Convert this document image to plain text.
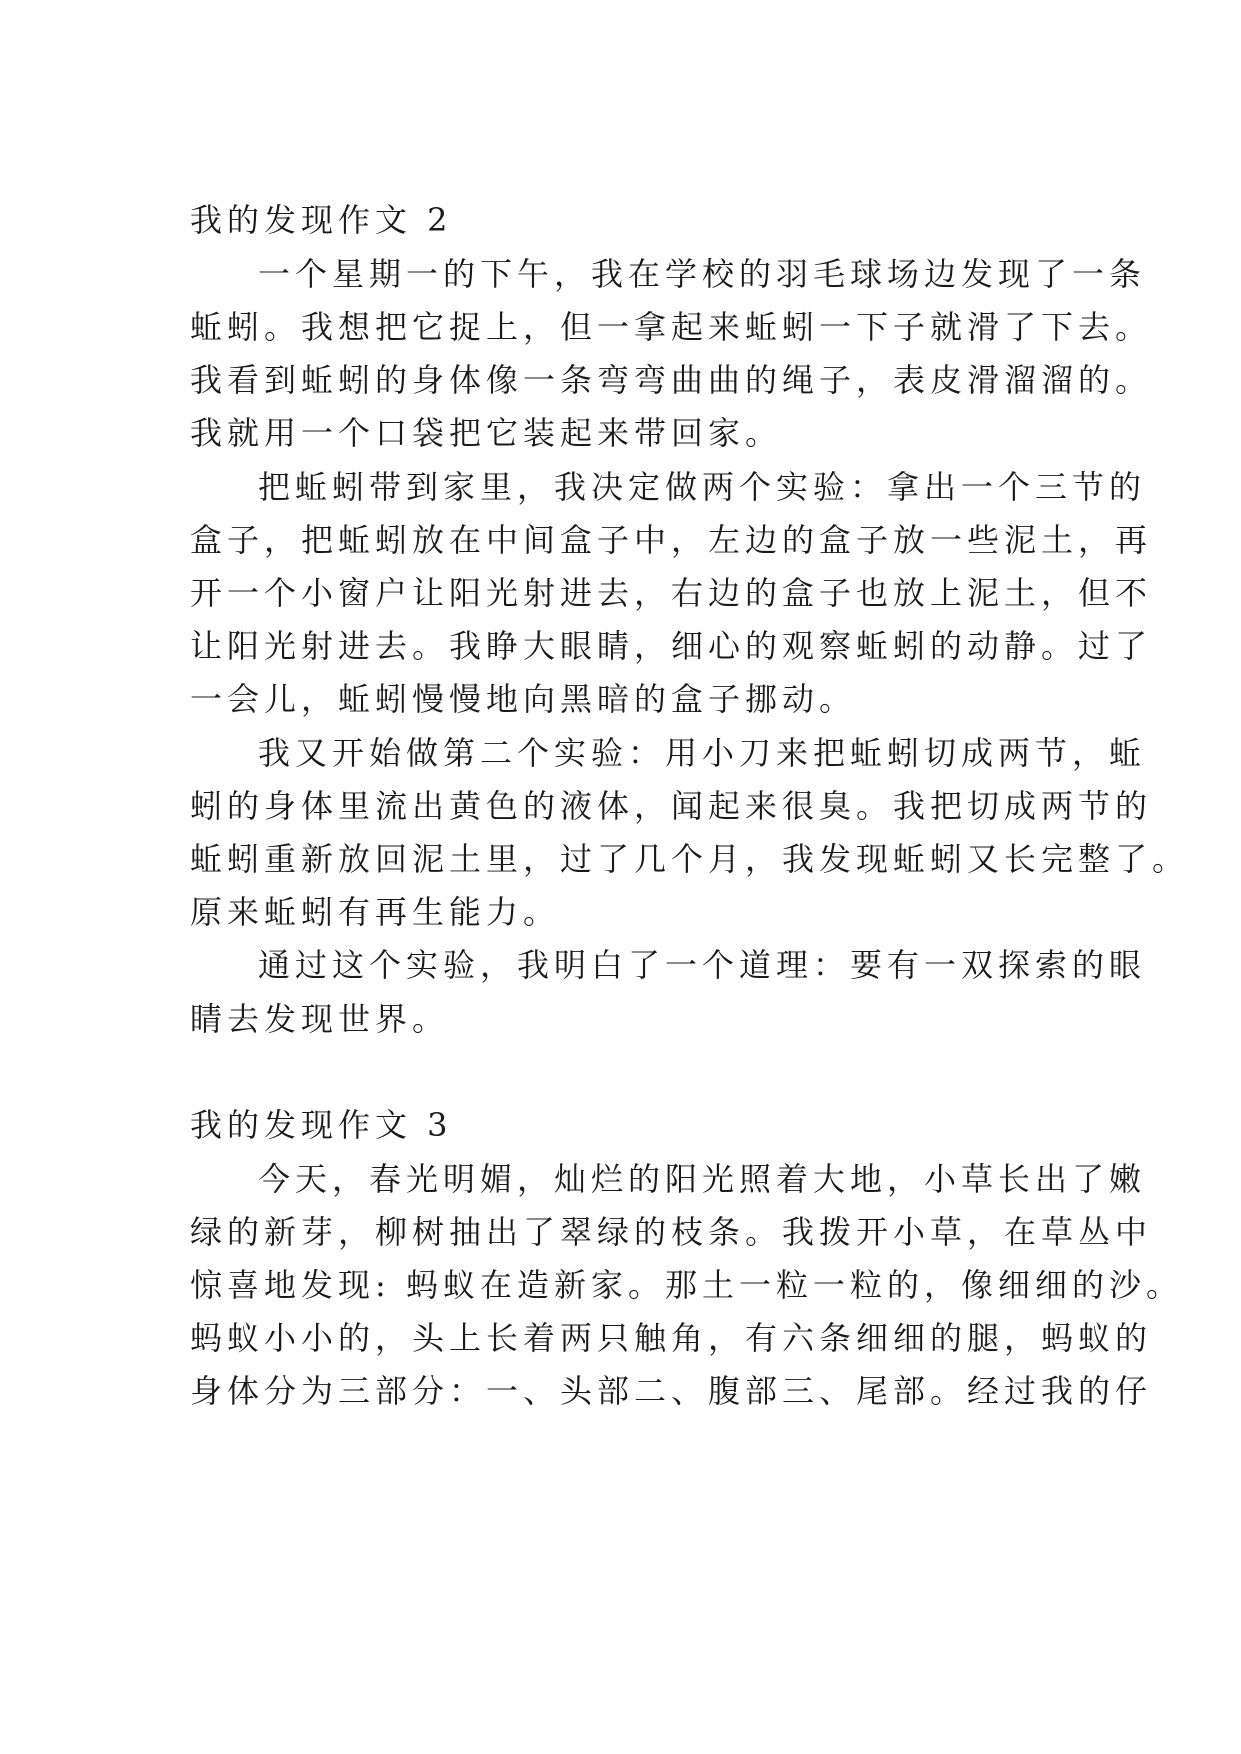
我的发现作文 2
一个星期一的下午，我在学校的羽毛球场边发现了一条
蚯蚓。我想把它捉上，但一拿起来蚯蚓一下子就滑了下去。
我看到蚯蚓的身体像一条弯弯曲曲的绳子，表皮滑溜溜的。
我就用一个口袋把它装起来带回家。
把蚯蚓带到家里，我决定做两个实验：拿出一个三节的
盒子，把蚯蚓放在中间盒子中，左边的盒子放一些泥土，再
开一个小窗户让阳光射进去，右边的盒子也放上泥土，但不
让阳光射进去。我睁大眼睛，细心的观察蚯蚓的动静。过了
一会儿，蚯蚓慢慢地向黑暗的盒子挪动。
我又开始做第二个实验：用小刀来把蚯蚓切成两节，蚯
蚓的身体里流出黄色的液体，闻起来很臭。我把切成两节的
蚯蚓重新放回泥土里，过了几个月，我发现蚯蚓又长完整了。
原来蚯蚓有再生能力。
通过这个实验，我明白了一个道理：要有一双探索的眼
睛去发现世界。
我的发现作文 3
今天，春光明媚，灿烂的阳光照着大地，小草长出了嫩
绿的新芽，柳树抽出了翠绿的枝条。我拨开小草，在草丛中
惊喜地发现: 蚂蚁在造新家。那土一粒一粒的，像细细的沙。
蚂蚁小小的，头上长着两只触角，有六条细细的腿，蚂蚁的
身体分为三部分：一、头部二、腹部三、尾部。经过我的仔
